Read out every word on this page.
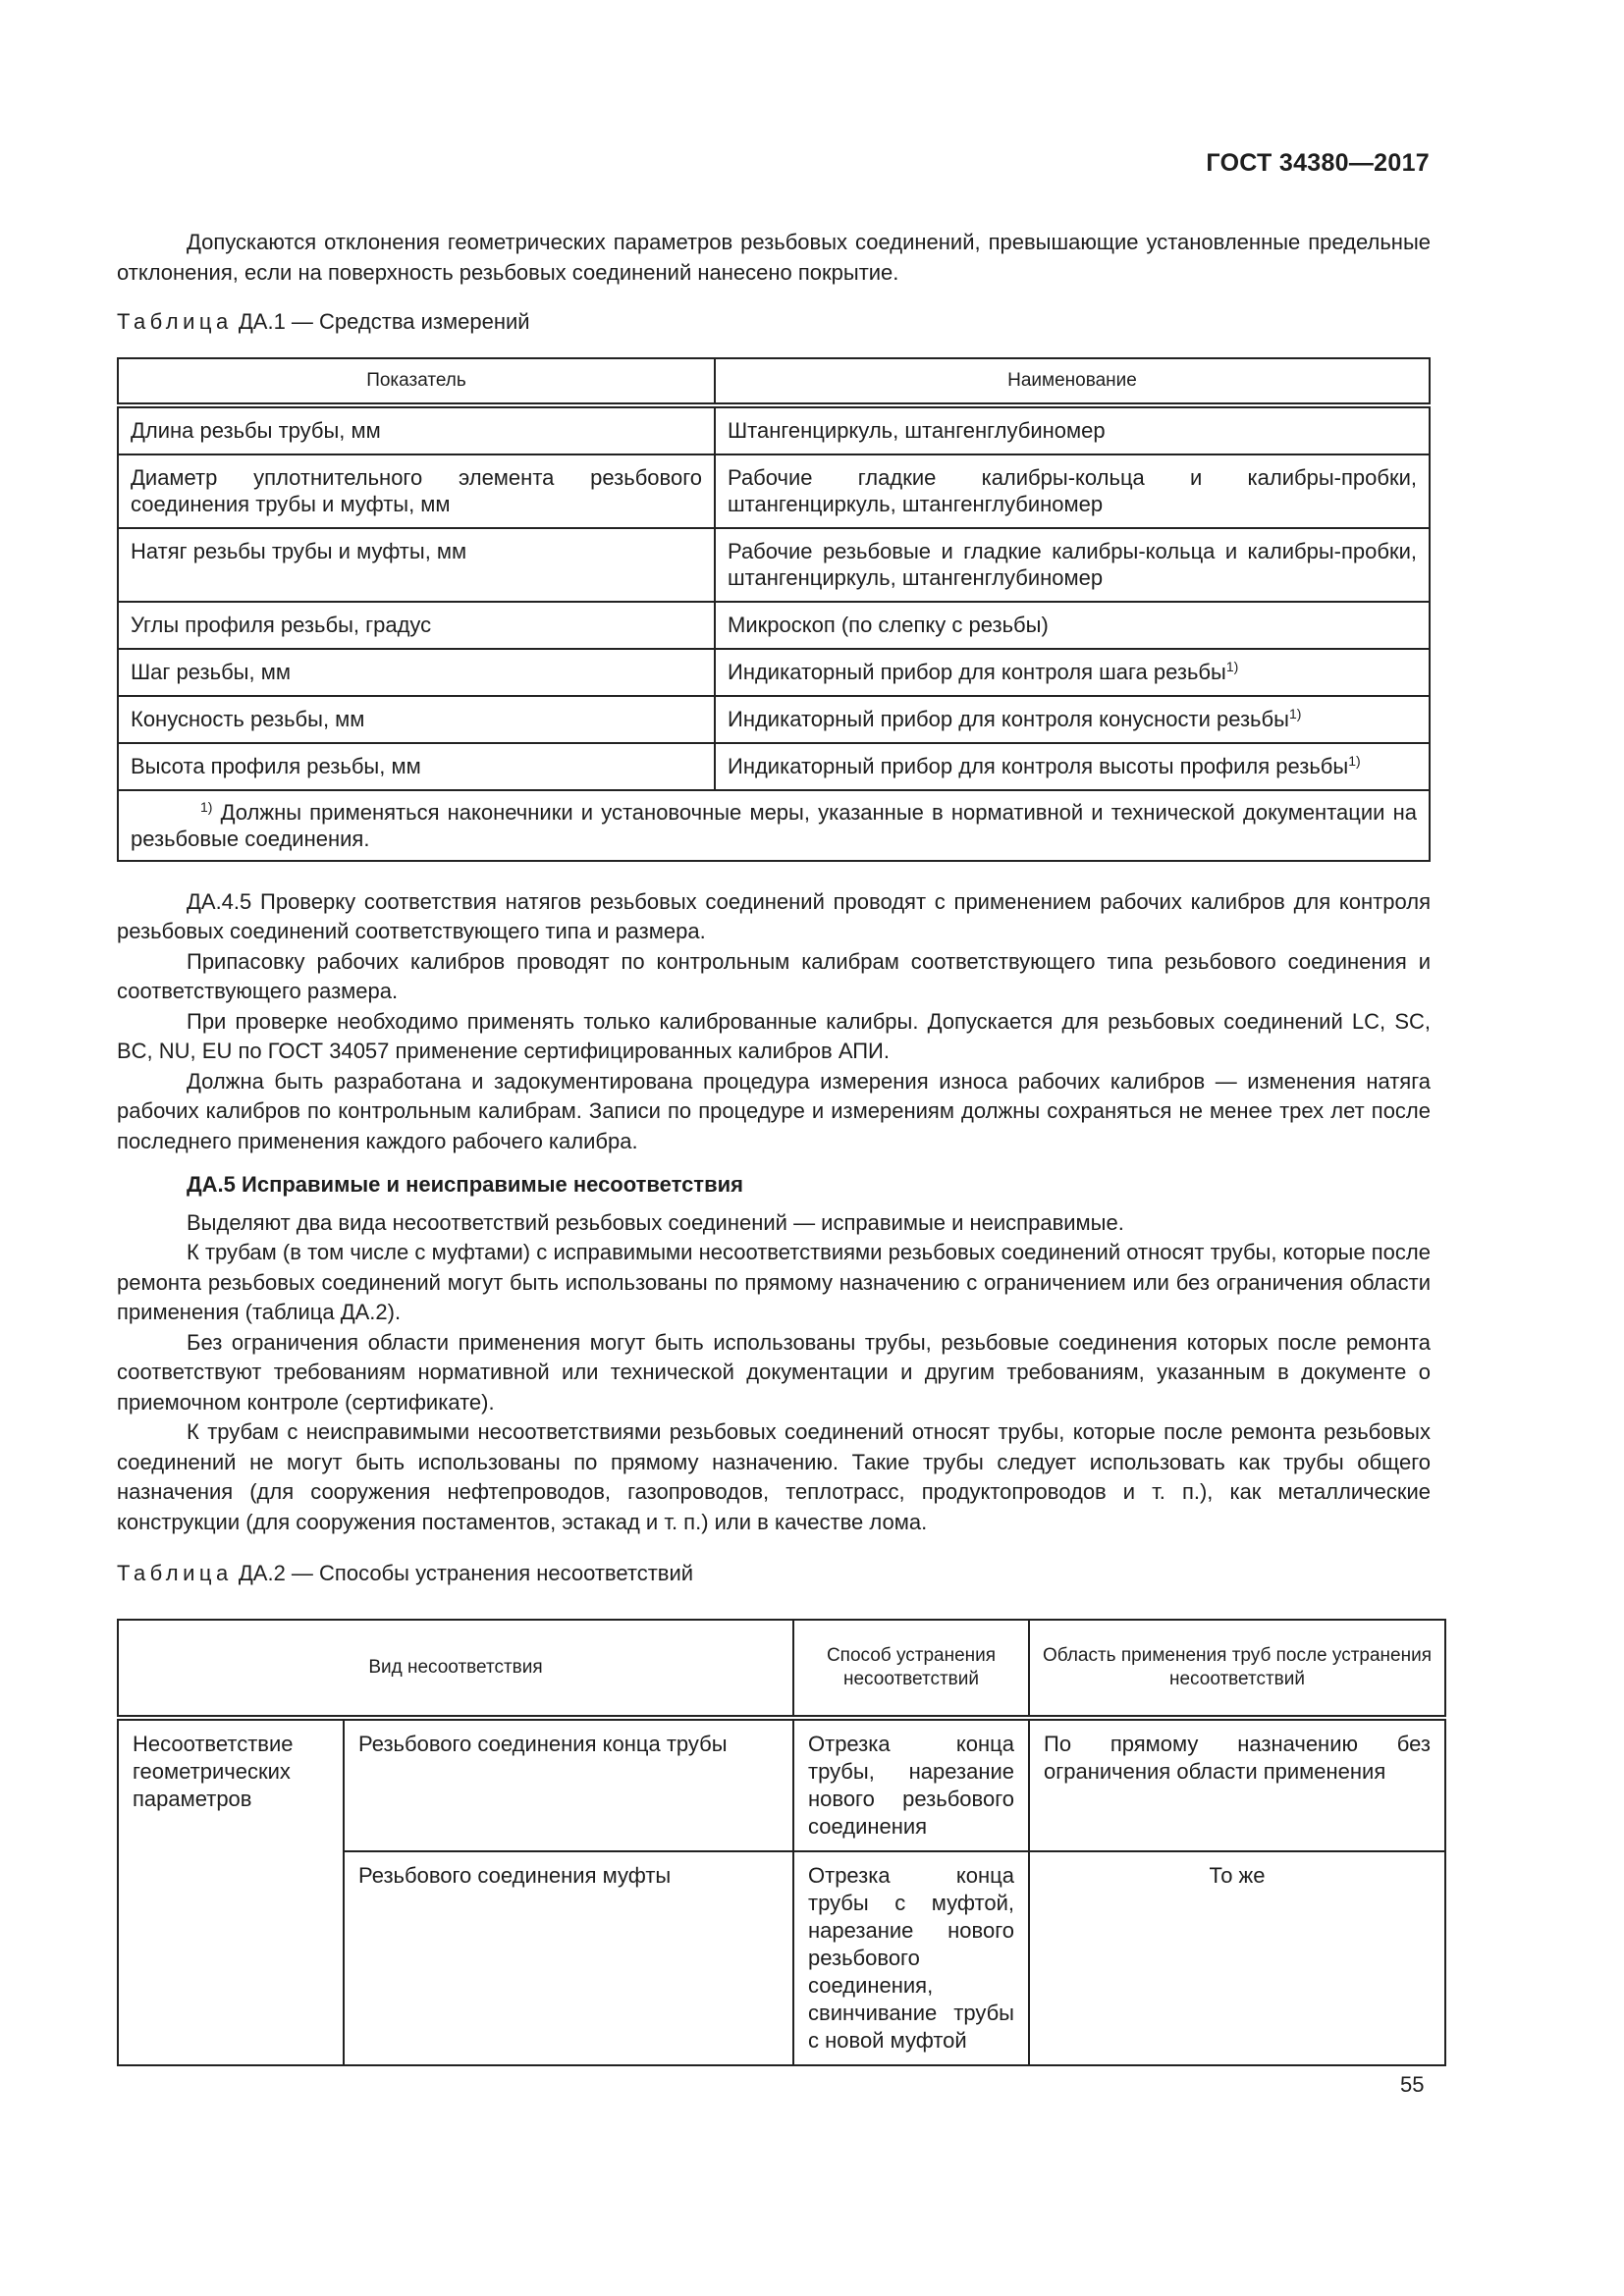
ГОСТ 34380—2017

Допускаются отклонения геометрических параметров резьбовых соединений, превышающие установленные предельные отклонения, если на поверхность резьбовых соединений нанесено покрытие.

Таблица ДА.1 — Средства измерений
Показатель	Наименование
Длина резьбы трубы, мм	Штангенциркуль, штангенглубиномер
Диаметр уплотнительного элемента резьбового соединения трубы и муфты, мм	Рабочие гладкие калибры-кольца и калибры-пробки, штангенциркуль, штангенглубиномер
Натяг резьбы трубы и муфты, мм	Рабочие резьбовые и гладкие калибры-кольца и калибры-пробки, штангенциркуль, штангенглубиномер
Углы профиля резьбы, градус	Микроскоп (по слепку с резьбы)
Шаг резьбы, мм	Индикаторный прибор для контроля шага резьбы$^{1)}$
Конусность резьбы, мм	Индикаторный прибор для контроля конусности резьбы$^{1)}$
Высота профиля резьбы, мм	Индикаторный прибор для контроля высоты профиля резьбы$^{1)}$
$^{1)}$ Должны применяться наконечники и установочные меры, указанные в нормативной и технической документации на резьбовые соединения.	

ДА.4.5 Проверку соответствия натягов резьбовых соединений проводят с применением рабочих калибров для контроля резьбовых соединений соответствующего типа и размера.

Припасовку рабочих калибров проводят по контрольным калибрам соответствующего типа резьбового соединения и соответствующего размера.

При проверке необходимо применять только калиброванные калибры. Допускается для резьбовых соединений LC, SC, BC, NU, EU по ГОСТ 34057 применение сертифицированных калибров АПИ.

Должна быть разработана и задокументирована процедура измерения износа рабочих калибров — изменения натяга рабочих калибров по контрольным калибрам. Записи по процедуре и измерениям должны сохраняться не менее трех лет после последнего применения каждого рабочего калибра.

ДА.5 Исправимые и неисправимые несоответствия

Выделяют два вида несоответствий резьбовых соединений — исправимые и неисправимые.

К трубам (в том числе с муфтами) с исправимыми несоответствиями резьбовых соединений относят трубы, которые после ремонта резьбовых соединений могут быть использованы по прямому назначению с ограничением или без ограничения области применения (таблица ДА.2).

Без ограничения области применения могут быть использованы трубы, резьбовые соединения которых после ремонта соответствуют требованиям нормативной или технической документации и другим требованиям, указанным в документе о приемочном контроле (сертификате).

К трубам с неисправимыми несоответствиями резьбовых соединений относят трубы, которые после ремонта резьбовых соединений не могут быть использованы по прямому назначению. Такие трубы следует использовать как трубы общего назначения (для сооружения нефтепроводов, газопроводов, теплотрасс, продуктопроводов и т. п.), как металлические конструкции (для сооружения постаментов, эстакад и т. п.) или в качестве лома.

Таблица ДА.2 — Способы устранения несоответствий
Вид несоответствия		Способ устранения несоответствий	Область применения труб после устранения несоответствий
Несоответствие геометрических параметров	Резьбового соединения конца трубы	Отрезка конца трубы, нарезание нового резьбового соединения	По прямому назначению без ограничения области применения
	Резьбового соединения муфты	Отрезка конца трубы с муфтой, нарезание нового резьбового соединения, свинчивание трубы с новой муфтой	То же
55
